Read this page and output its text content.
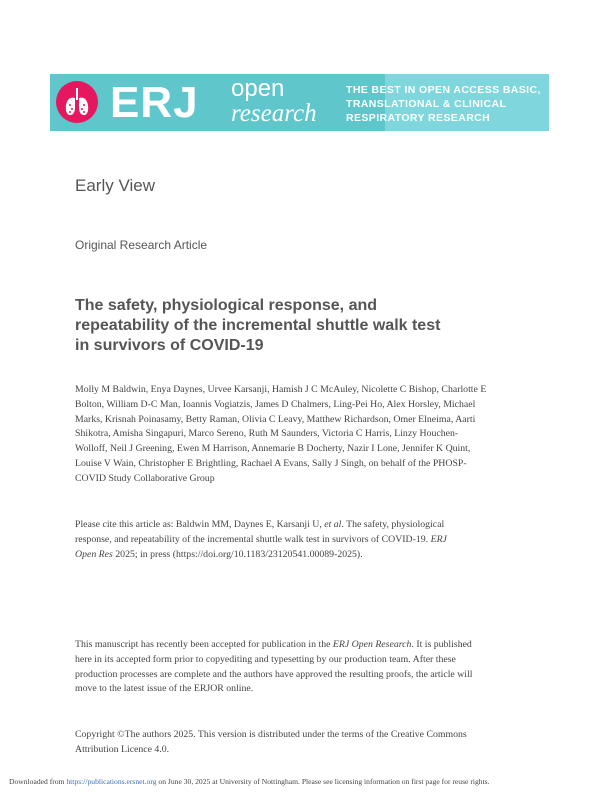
ERJ open
research
THE BEST IN OPEN ACCESS BASIC,
TRANSLATIONAL & CLINICAL
RESPIRATORY RESEARCH
Early View
Original Research Article
The safety, physiological response, and
repeatability of the incremental shuttle walk test
in survivors of COVID-19
Molly M Baldwin, Enya Daynes, Urvee Karsanji, Hamish J C McAuley, Nicolette C Bishop, Charlotte E
Bolton, William D-C Man, Ioannis Vogiatzis, James D Chalmers, Ling-Pei Ho, Alex Horsley, Michael
Marks, Krisnah Poinasamy, Betty Raman, Olivia C Leavy, Matthew Richardson, Omer Elneima, Aarti
Shikotra, Amisha Singapuri, Marco Sereno, Ruth M Saunders, Victoria C Harris, Linzy Houchen-
Wolloff, Neil J Greening, Ewen M Harrison, Annemarie B Docherty, Nazir I Lone, Jennifer K Quint,
Louise V Wain, Christopher E Brightling, Rachael A Evans, Sally J Singh, on behalf of the PHOSP-
COVID Study Collaborative Group
Please cite this article as: Baldwin MM, Daynes E, Karsanji U, et al. The safety, physiological
response, and repeatability of the incremental shuttle walk test in survivors of COVID-19. ERJ
Open Res 2025; in press (https://doi.org/10.1183/23120541.00089-2025).
This manuscript has recently been accepted for publication in the ERJ Open Research. It is published
here in its accepted form prior to copyediting and typesetting by our production team. After these
production processes are complete and the authors have approved the resulting proofs, the article will
move to the latest issue of the ERJOR online.
Copyright ©The authors 2025. This version is distributed under the terms of the Creative Commons
Attribution Licence 4.0.
Downloaded from https://publications.ersnet.org on June 30, 2025 at University of Nottingham. Please see licensing information on first page for reuse rights.
